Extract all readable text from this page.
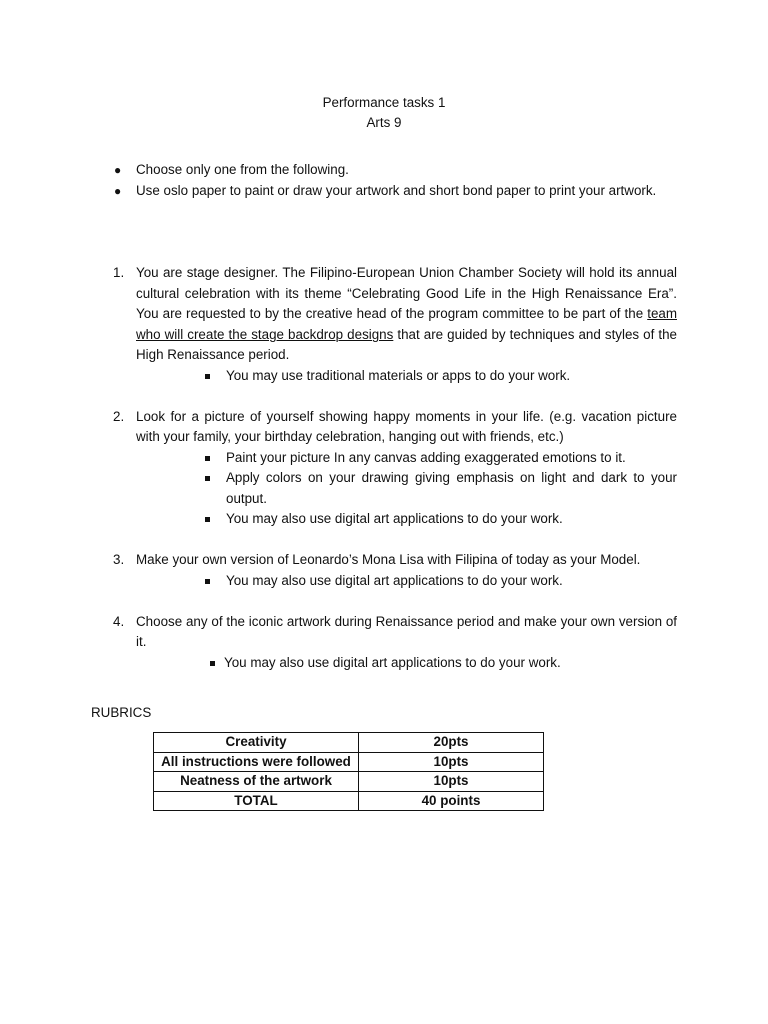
Performance tasks 1
Arts 9
● Choose only one from the following.
● Use oslo paper to paint or draw your artwork and short bond paper to print your artwork.
1. You are stage designer. The Filipino-European Union Chamber Society will hold its annual cultural celebration with its theme “Celebrating Good Life in the High Renaissance Era”. You are requested to by the creative head of the program committee to be part of the team who will create the stage backdrop designs that are guided by techniques and styles of the High Renaissance period.
You may use traditional materials or apps to do your work.
2. Look for a picture of yourself showing happy moments in your life. (e.g. vacation picture with your family, your birthday celebration, hanging out with friends, etc.)
Paint your picture In any canvas adding exaggerated emotions to it.
Apply colors on your drawing giving emphasis on light and dark to your output.
You may also use digital art applications to do your work.
3. Make your own version of Leonardo’s Mona Lisa with Filipina of today as your Model.
You may also use digital art applications to do your work.
4. Choose any of the iconic artwork during Renaissance period and make your own version of it.
You may also use digital art applications to do your work.
RUBRICS
Creativity	20pts
All instructions were followed	10pts
Neatness of the artwork	10pts
TOTAL	40 points
